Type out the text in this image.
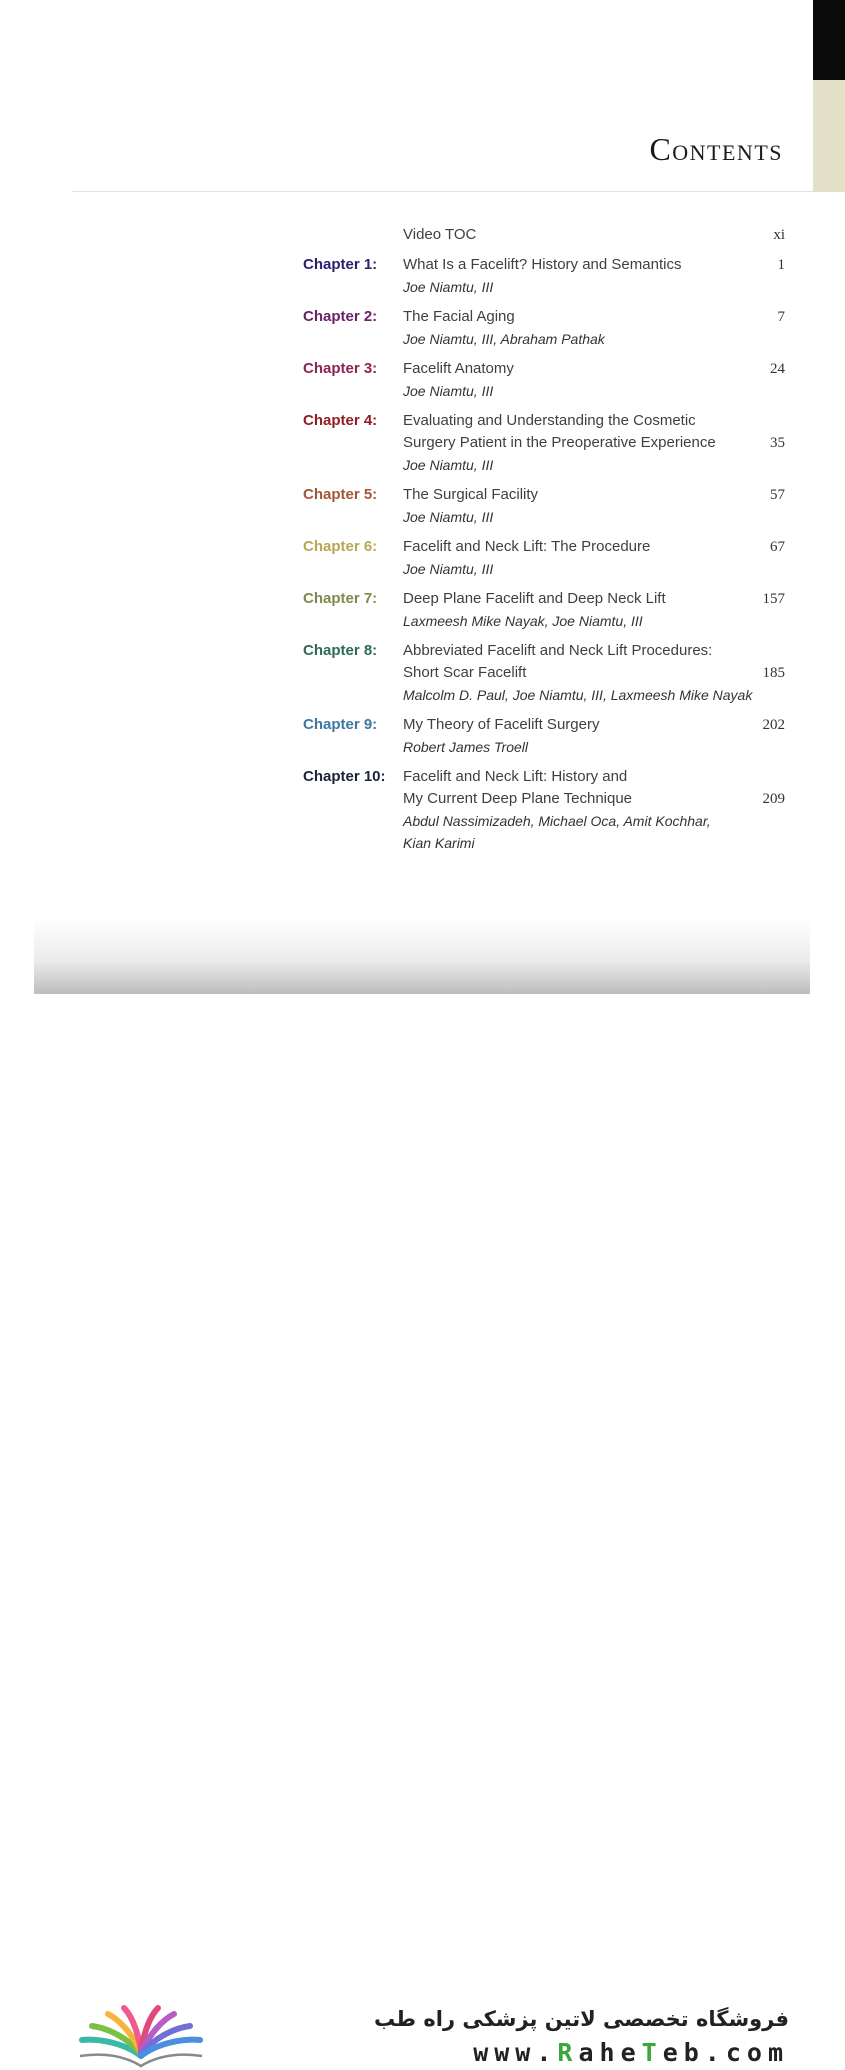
Contents
Video TOC	xi
Chapter 1: What Is a Facelift? History and Semantics
Joe Niamtu, III
1
Chapter 2: The Facial Aging
Joe Niamtu, III, Abraham Pathak
7
Chapter 3: Facelift Anatomy
Joe Niamtu, III
24
Chapter 4: Evaluating and Understanding the Cosmetic
Surgery Patient in the Preoperative Experience
Joe Niamtu, III
35
Chapter 5: The Surgical Facility
Joe Niamtu, III
57
Chapter 6: Facelift and Neck Lift: The Procedure
Joe Niamtu, III
67
Chapter 7: Deep Plane Facelift and Deep Neck Lift
Laxmeesh Mike Nayak, Joe Niamtu, III
157
Chapter 8: Abbreviated Facelift and Neck Lift Procedures:
Short Scar Facelift
Malcolm D. Paul, Joe Niamtu, III, Laxmeesh Mike Nayak
185
Chapter 9: My Theory of Facelift Surgery
Robert James Troell
202
Chapter 10: Facelift and Neck Lift: History and
My Current Deep Plane Technique
Abdul Nassimizadeh, Michael Oca, Amit Kochhar,
Kian Karimi
209
فروشگاه تخصصی لاتین پزشکی راه طب
www.RaheTeb.com
